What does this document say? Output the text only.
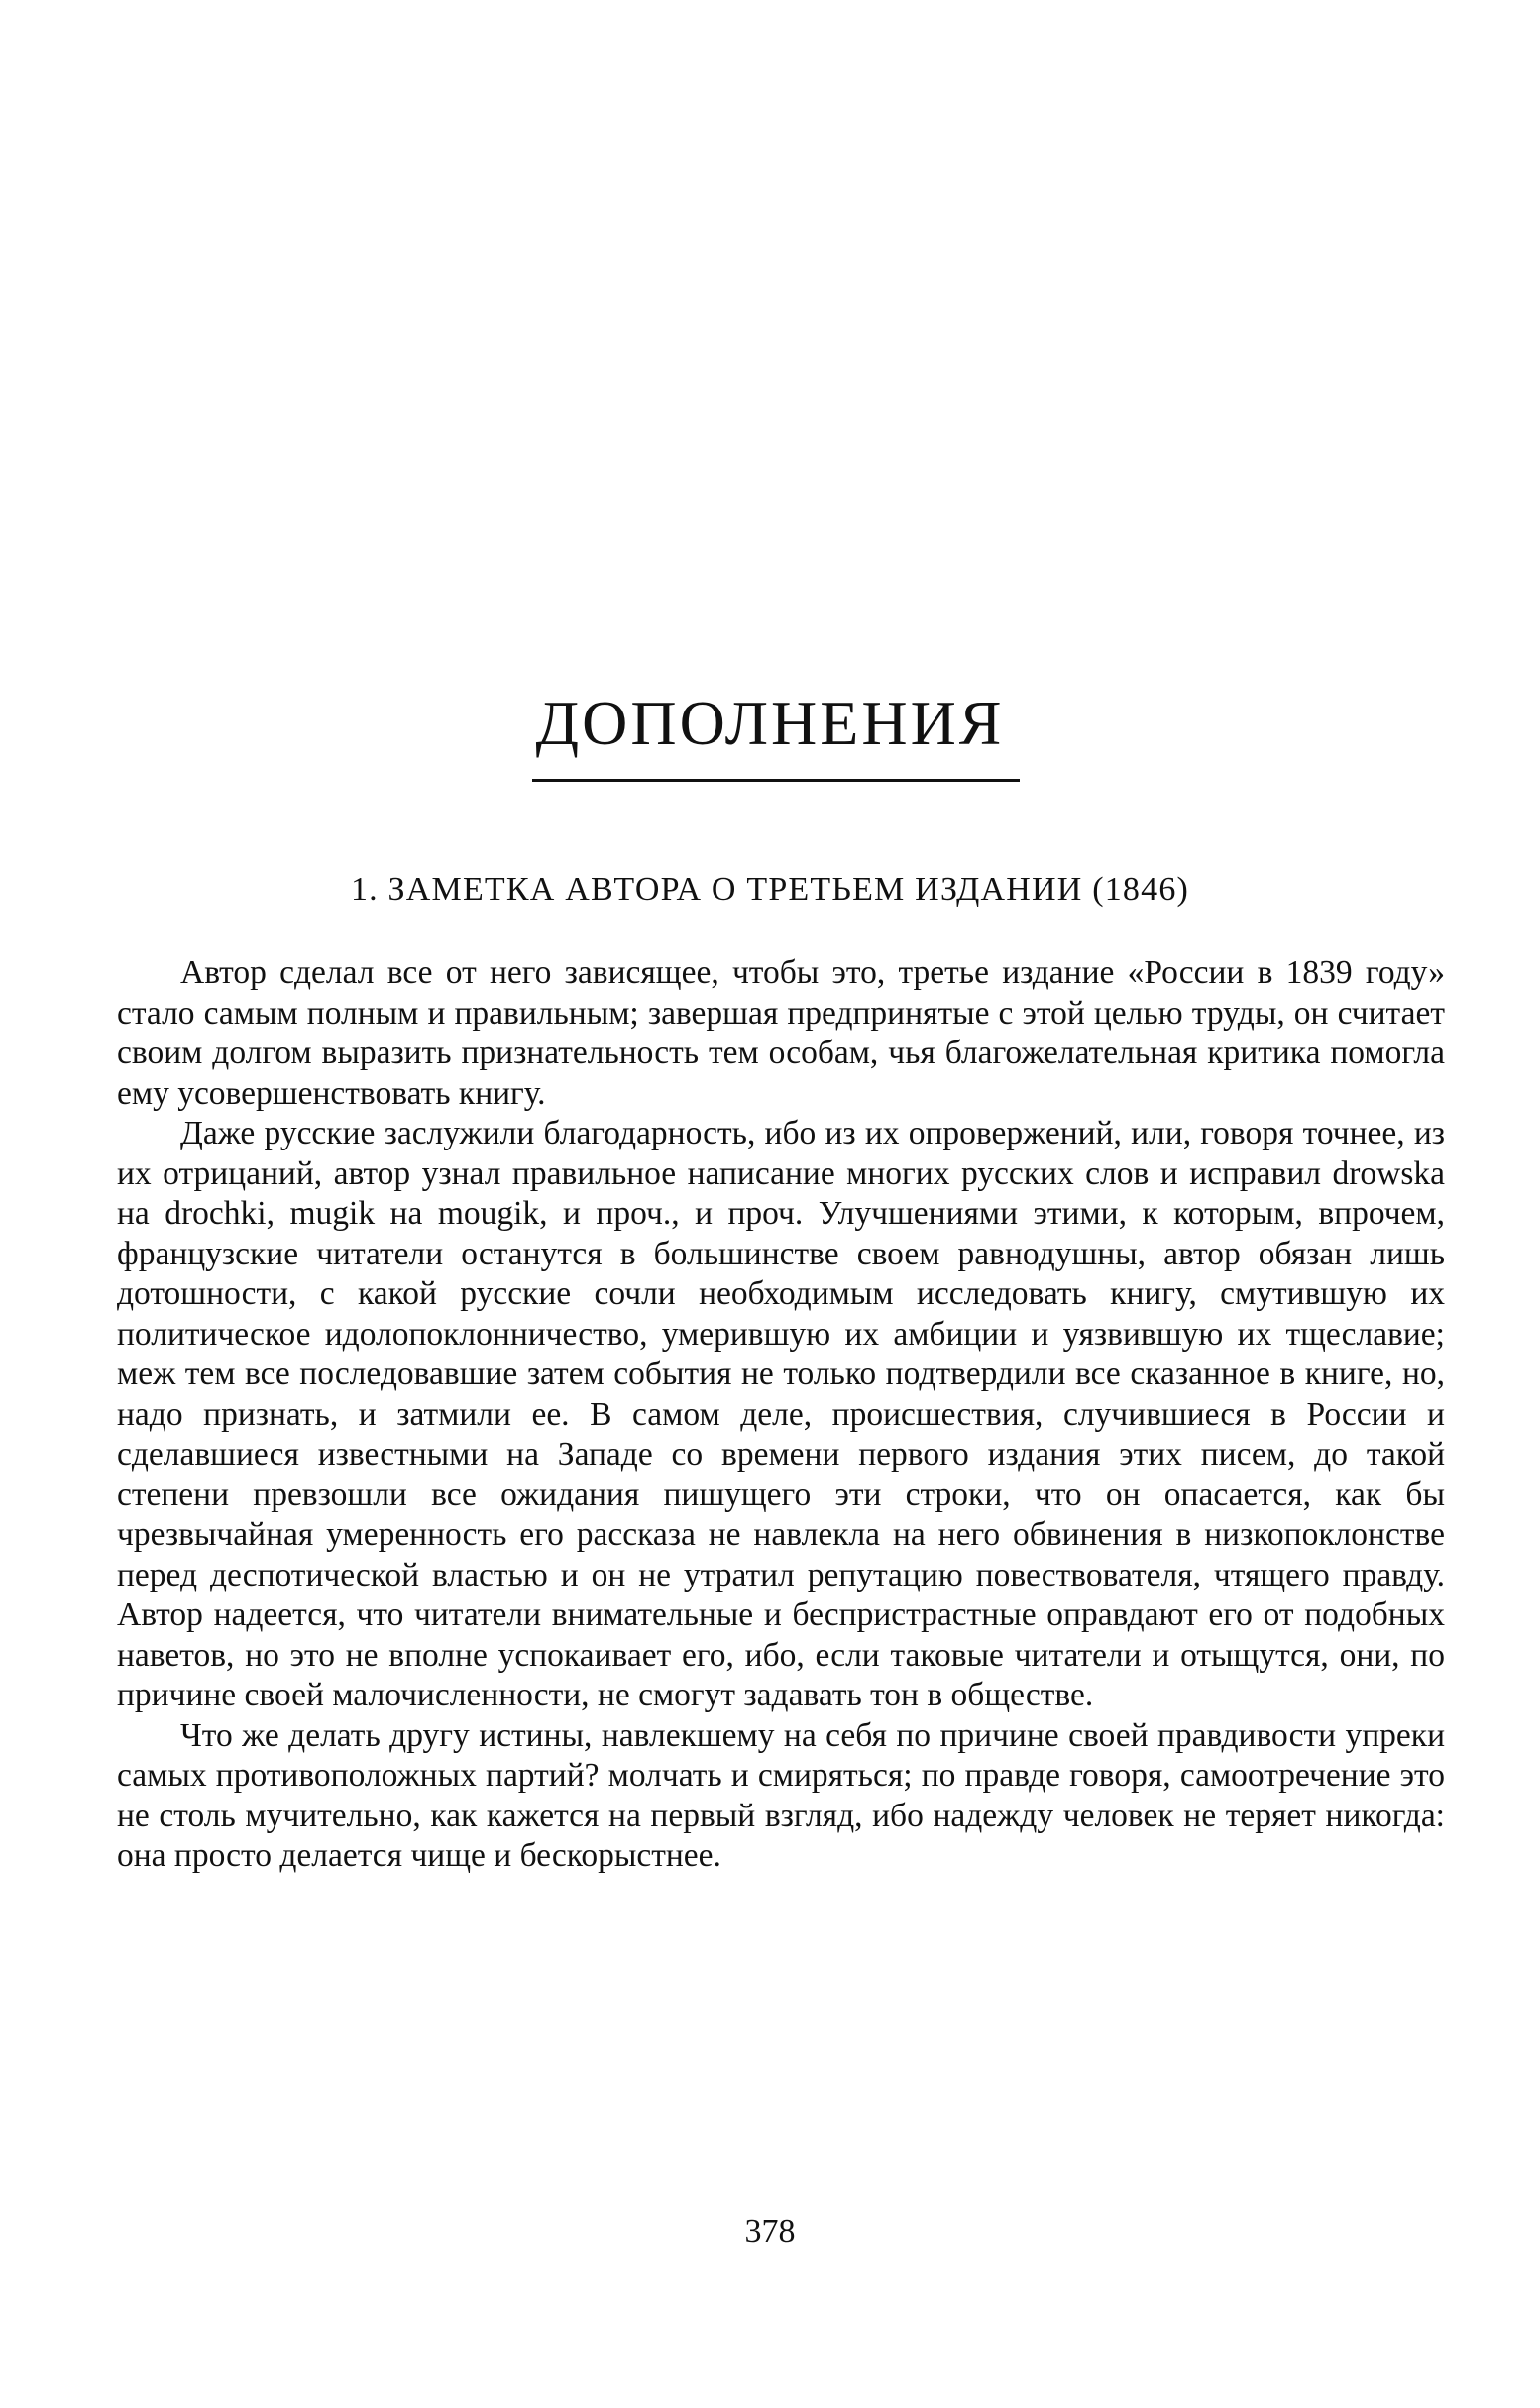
ДОПОЛНЕНИЯ
1. ЗАМЕТКА АВТОРА О ТРЕТЬЕМ ИЗДАНИИ (1846)

Автор сделал все от него зависящее, чтобы это, третье издание «России в 1839 году» стало самым полным и правильным; завершая предпринятые с этой целью труды, он считает своим долгом выразить признательность тем особам, чья благожелательная критика помогла ему усовершенствовать книгу.

Даже русские заслужили благодарность, ибо из их опровержений, или, говоря точнее, из их отрицаний, автор узнал правильное написание многих русских слов и исправил drowska на drochki, mugik на mougik, и проч., и проч. Улучшениями этими, к которым, впрочем, французские читатели останутся в большинстве своем равнодушны, автор обязан лишь дотошности, с какой русские сочли необходимым исследовать книгу, смутившую их политическое идолопоклонничество, умерившую их амбиции и уязвившую их тщеславие; меж тем все последовавшие затем события не только подтвердили все сказанное в книге, но, надо признать, и затмили ее. В самом деле, происшествия, случившиеся в России и сделавшиеся известными на Западе со времени первого издания этих писем, до такой степени превзошли все ожидания пишущего эти строки, что он опасается, как бы чрезвычайная умеренность его рассказа не навлекла на него обвинения в низкопоклонстве перед деспотической властью и он не утратил репутацию повествователя, чтящего правду. Автор надеется, что читатели внимательные и беспристрастные оправдают его от подобных наветов, но это не вполне успокаивает его, ибо, если таковые читатели и отыщутся, они, по причине своей малочисленности, не смогут задавать тон в обществе.

Что же делать другу истины, навлекшему на себя по причине своей правдивости упреки самых противоположных партий? молчать и смиряться; по правде говоря, самоотречение это не столь мучительно, как кажется на первый взгляд, ибо надежду человек не теряет никогда: она просто делается чище и бескорыстнее.

378
